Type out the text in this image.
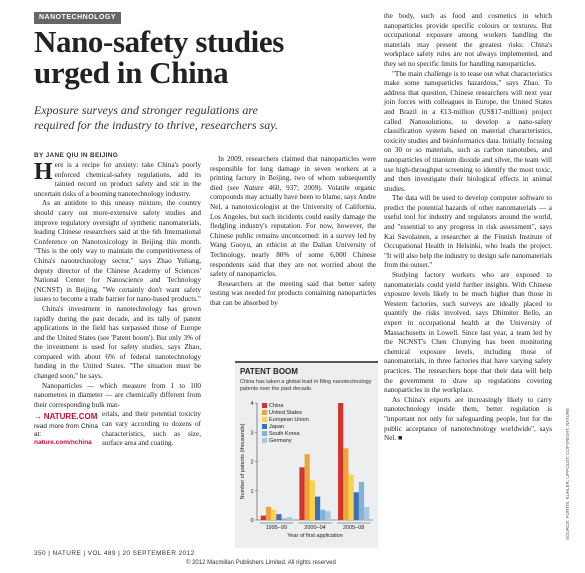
NANOTECHNOLOGY
Nano-safety studies urged in China
Exposure surveys and stronger regulations are required for the industry to thrive, researchers say.
BY JANE QIU IN BEIJING

Here is a recipe for anxiety: take China's poorly enforced chemical-safety regulations, add its tainted record on product safety and stir in the uncertain risks of a booming nanotechnology industry.

As an antidote to this uneasy mixture, the country should carry out more-extensive safety studies and improve regulatory oversight of synthetic nanomaterials, leading Chinese researchers said at the 6th International Conference on Nanotoxicology in Beijing this month. "This is the only way to maintain the competitiveness of China's nanotechnology sector," says Zhao Yuliang, deputy director of the Chinese Academy of Sciences' National Center for Nanoscience and Technology (NCNST) in Beijing. "We certainly don't want safety issues to become a trade barrier for nano-based products."

China's investment in nanotechnology has grown rapidly during the past decade, and its tally of patent applications in the field has surpassed those of Europe and the United States (see 'Patent boom'). But only 3% of the investment is used for safety studies, says Zhao, compared with about 6% of federal nanotechnology funding in the United States. "The situation must be changed soon," he says.

Nanoparticles — which measure from 1 to 100 nanometres in diameter — are chemically different from their corresponding bulk mat-

→ NATURE.COM
read more from China at:
nature.com/nchina
erials, and their potential toxicity can vary according to dozens of characteristics, such as size, surface area and coating.

In 2009, researchers claimed that nanoparticles were responsible for lung damage in seven workers at a printing factory in Beijing, two of whom subsequently died (see Nature 460, 937; 2009). Volatile organic compounds may actually have been to blame, says Andre Nel, a nanotoxicologist at the University of California, Los Angeles, but such incidents could easily damage the fledgling industry's reputation. For now, however, the Chinese public remains unconcerned: in a survey led by Wang Guoyu, an ethicist at the Dalian University of Technology, nearly 80% of some 6,000 Chinese respondents said that they are not worried about the safety of nanoparticles.

Researchers at the meeting said that better safety testing was needed for products containing nanoparticles that can be absorbed by

the body, such as food and cosmetics in which nanoparticles provide specific colours or textures. But occupational exposure among workers handling the materials may present the greatest risks: China's workplace safety rules are not always implemented, and they set no specific limits for handling nanoparticles.

"The main challenge is to tease out what characteristics make some nanoparticles hazardous," says Zhao. To address that question, Chinese researchers will next year join forces with colleagues in Europe, the United States and Brazil in a €13-million (US$17-million) project called Nanosolutions, to develop a nano-safety classification system based on material characteristics, toxicity studies and bioinformatics data. Initially focusing on 30 or so materials, such as carbon nanotubes, and nanoparticles of titanium dioxide and silver, the team will use high-throughput screening to identify the most toxic, and then investigate their biological effects in animal studies.

The data will be used to develop computer software to predict the potential hazards of other nanomaterials — a useful tool for industry and regulators around the world, and "essential to any progress in risk assessment", says Kai Savolainen, a researcher at the Finnish Institute of Occupational Health in Helsinki, who leads the project. "It will also help the industry to design safe nanomaterials from the outset."

Studying factory workers who are exposed to nanomaterials could yield further insights. With Chinese exposure levels likely to be much higher than those in Western factories, such surveys are ideally placed to quantify the risks involved, says Dhimiter Bello, an expert in occupational health at the University of Massachusetts in Lowell. Since last year, a team led by the NCNST's Chen Chunying has been monitoring chemical exposure levels, including those of nanomaterials, in three factories that have varying safety practices. The researchers hope that their data will help the government to draw up regulations covering nanoparticles in the workplace.

As China's exports are increasingly likely to carry nanotechnology inside them, better regulation is "important not only for safeguarding people, but for the public acceptance of nanotechnology worldwide", says Nel. ■

PATENT BOOM
China has taken a global lead in filing nanotechnology patents over the past decade.
0
1
2
3
4
Number of patents (thousands)
1995–99	2000–04	2005–08
Year of first application
China
United States
European Union
Japan
South Korea
Germany
350 | NATURE | VOL 489 | 20 SEPTEMBER 2012
© 2012 Macmillan Publishers Limited. All rights reserved
SOURCE: FORTIS, KUHLER, LIPPOLDT; COPYRIGHT; NATURE
